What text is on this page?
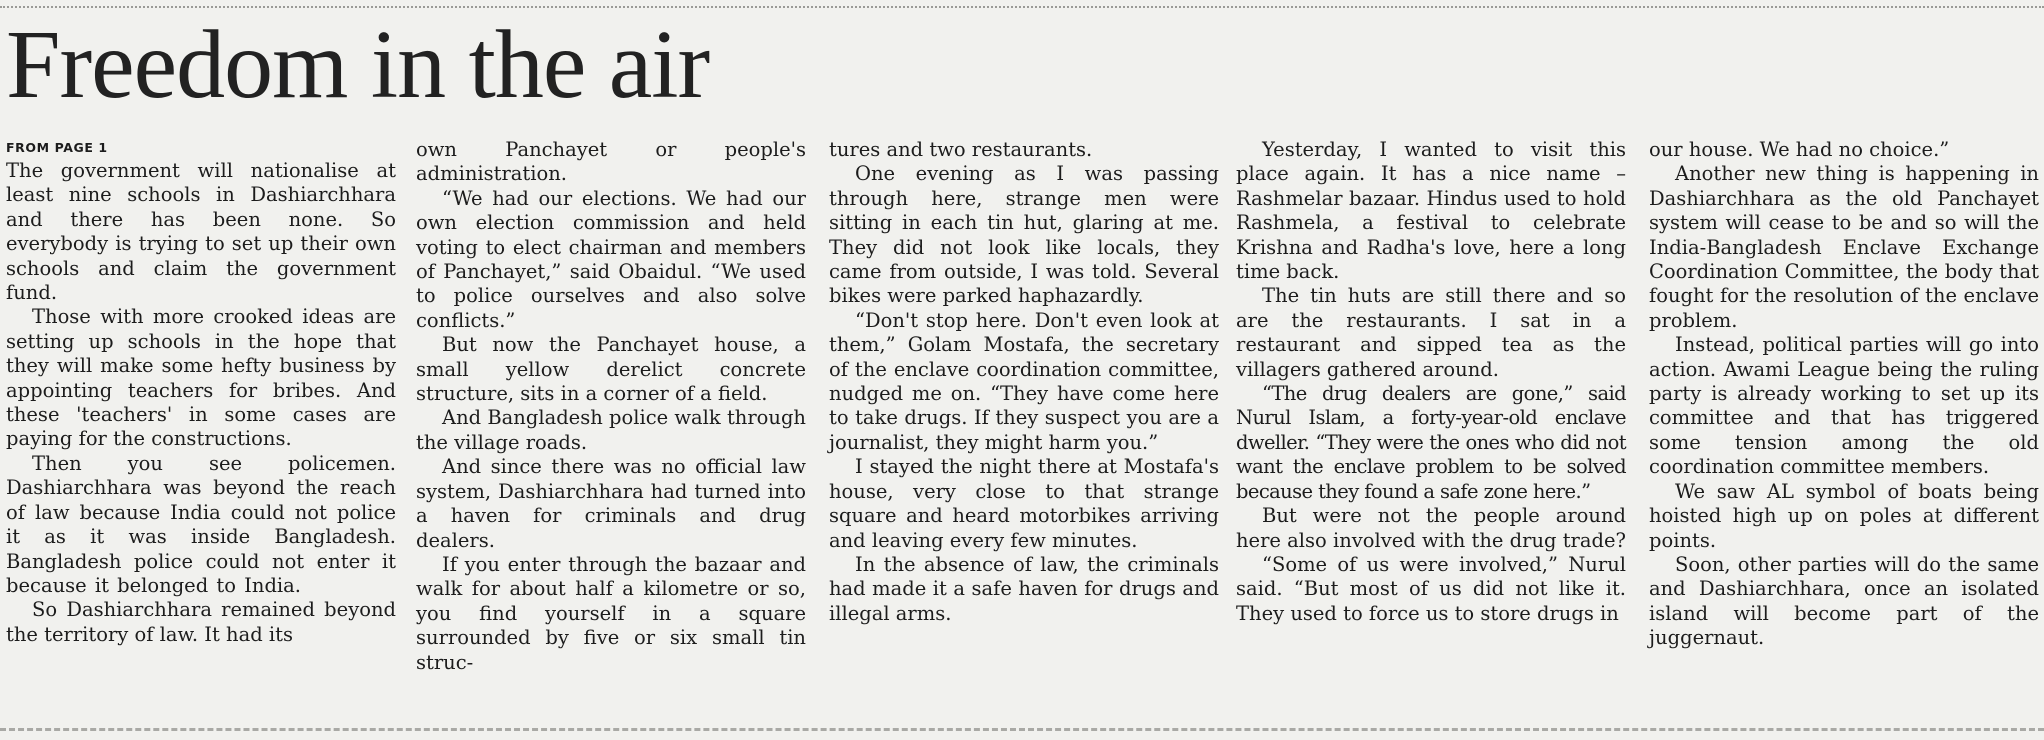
Freedom in the air
FROM PAGE 1

The government will nationalise at least nine schools in Dashiarchhara and there has been none. So everybody is trying to set up their own schools and claim the government fund.

Those with more crooked ideas are setting up schools in the hope that they will make some hefty business by appointing teachers for bribes. And these 'teachers' in some cases are paying for the constructions.

Then you see policemen. Dashiarchhara was beyond the reach of law because India could not police it as it was inside Bangladesh. Bangladesh police could not enter it because it belonged to India.

So Dashiarchhara remained beyond the territory of law. It had its

own Panchayet or people's administration.

“We had our elections. We had our own election commission and held voting to elect chairman and members of Panchayet,” said Obaidul. “We used to police ourselves and also solve conflicts.”

But now the Panchayet house, a small yellow derelict concrete structure, sits in a corner of a field.

And Bangladesh police walk through the village roads.

And since there was no official law system, Dashiarchhara had turned into a haven for criminals and drug dealers.

If you enter through the bazaar and walk for about half a kilometre or so, you find yourself in a square surrounded by five or six small tin struc-

tures and two restaurants.

One evening as I was passing through here, strange men were sitting in each tin hut, glaring at me. They did not look like locals, they came from outside, I was told. Several bikes were parked haphazardly.

“Don't stop here. Don't even look at them,” Golam Mostafa, the secretary of the enclave coordination committee, nudged me on. “They have come here to take drugs. If they suspect you are a journalist, they might harm you.”

I stayed the night there at Mostafa's house, very close to that strange square and heard motorbikes arriving and leaving every few minutes.

In the absence of law, the criminals had made it a safe haven for drugs and illegal arms.

Yesterday, I wanted to visit this place again. It has a nice name – Rashmelar bazaar. Hindus used to hold Rashmela, a festival to celebrate Krishna and Radha's love, here a long time back.

The tin huts are still there and so are the restaurants. I sat in a restaurant and sipped tea as the villagers gathered around.

“The drug dealers are gone,” said Nurul Islam, a forty-year-old enclave dweller. “They were the ones who did not want the enclave problem to be solved because they found a safe zone here.”

But were not the people around here also involved with the drug trade?

“Some of us were involved,” Nurul said. “But most of us did not like it. They used to force us to store drugs in

our house. We had no choice.”

Another new thing is happening in Dashiarchhara as the old Panchayet system will cease to be and so will the India-Bangladesh Enclave Exchange Coordination Committee, the body that fought for the resolution of the enclave problem.

Instead, political parties will go into action. Awami League being the ruling party is already working to set up its committee and that has triggered some tension among the old coordination committee members.

We saw AL symbol of boats being hoisted high up on poles at different points.

Soon, other parties will do the same and Dashiarchhara, once an isolated island will become part of the juggernaut.
